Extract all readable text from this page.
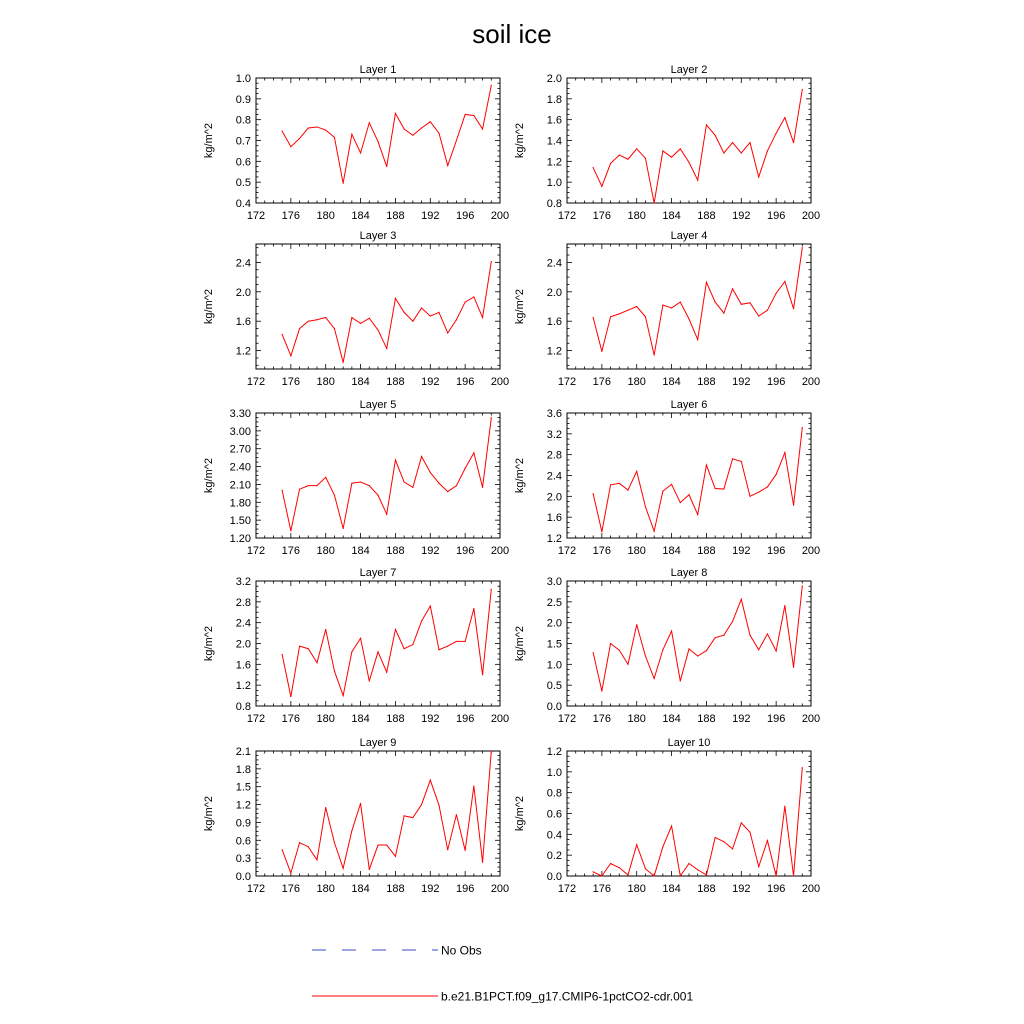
soil ice
Layer 1
172 176 180 184 188 192 196 200
0.4
0.5
0.6
0.7
0.8
0.9
1.0
kg/m^2
Layer 2
172 176 180 184 188 192 196 200
0.8
1.0
1.2
1.4
1.6
1.8
2.0
kg/m^2
Layer 3
172 176 180 184 188 192 196 200
1.2
1.6
2.0
2.4
kg/m^2
Layer 4
172 176 180 184 188 192 196 200
1.2
1.6
2.0
2.4
kg/m^2
Layer 5
172 176 180 184 188 192 196 200
1.20
1.50
1.80
2.10
2.40
2.70
3.00
3.30
kg/m^2
Layer 6
172 176 180 184 188 192 196 200
1.2
1.6
2.0
2.4
2.8
3.2
3.6
kg/m^2
Layer 7
172 176 180 184 188 192 196 200
0.8
1.2
1.6
2.0
2.4
2.8
3.2
kg/m^2
Layer 8
172 176 180 184 188 192 196 200
0.0
0.5
1.0
1.5
2.0
2.5
3.0
kg/m^2
Layer 9
172 176 180 184 188 192 196 200
0.0
0.3
0.6
0.9
1.2
1.5
1.8
2.1
kg/m^2
Layer 10
172 176 180 184 188 192 196 200
0.0
0.2
0.4
0.6
0.8
1.0
1.2
kg/m^2
No Obs
b.e21.B1PCT.f09_g17.CMIP6-1pctCO2-cdr.001
